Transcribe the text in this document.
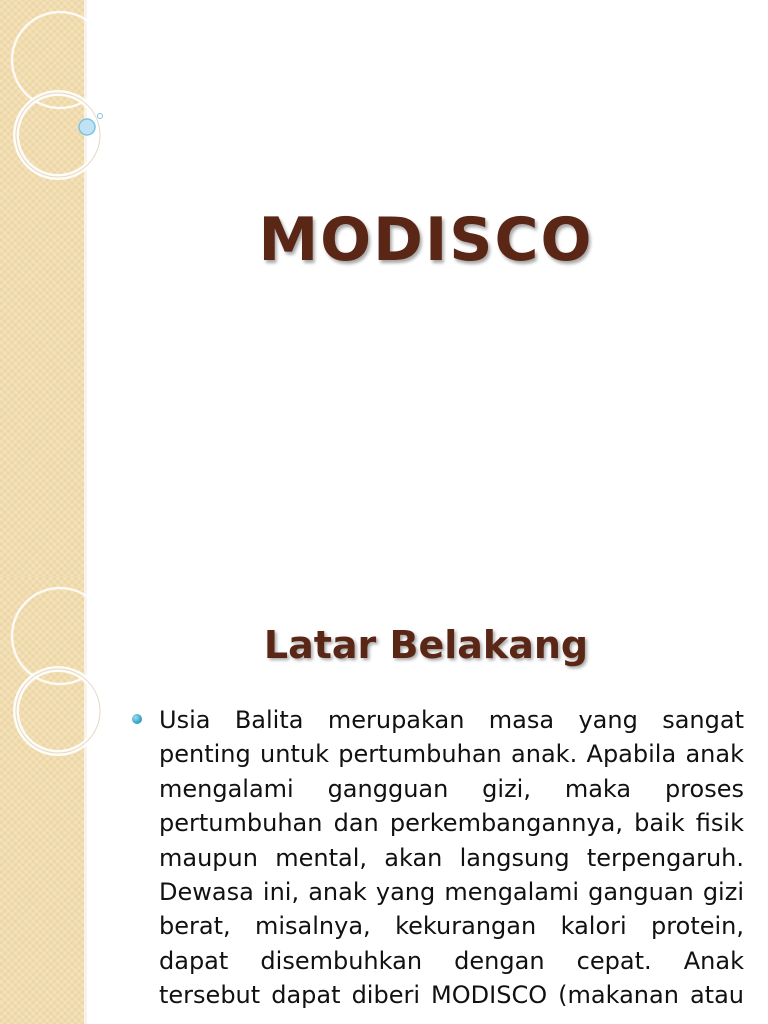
MODISCO
Latar Belakang
Usia Balita merupakan masa yang sangat penting untuk pertumbuhan anak. Apabila anak mengalami gangguan gizi, maka proses pertumbuhan dan perkembangannya, baik fisik maupun mental, akan langsung terpengaruh. Dewasa ini, anak yang mengalami ganguan gizi berat, misalnya, kekurangan kalori protein, dapat disembuhkan dengan cepat. Anak tersebut dapat diberi MODISCO (makanan atau
